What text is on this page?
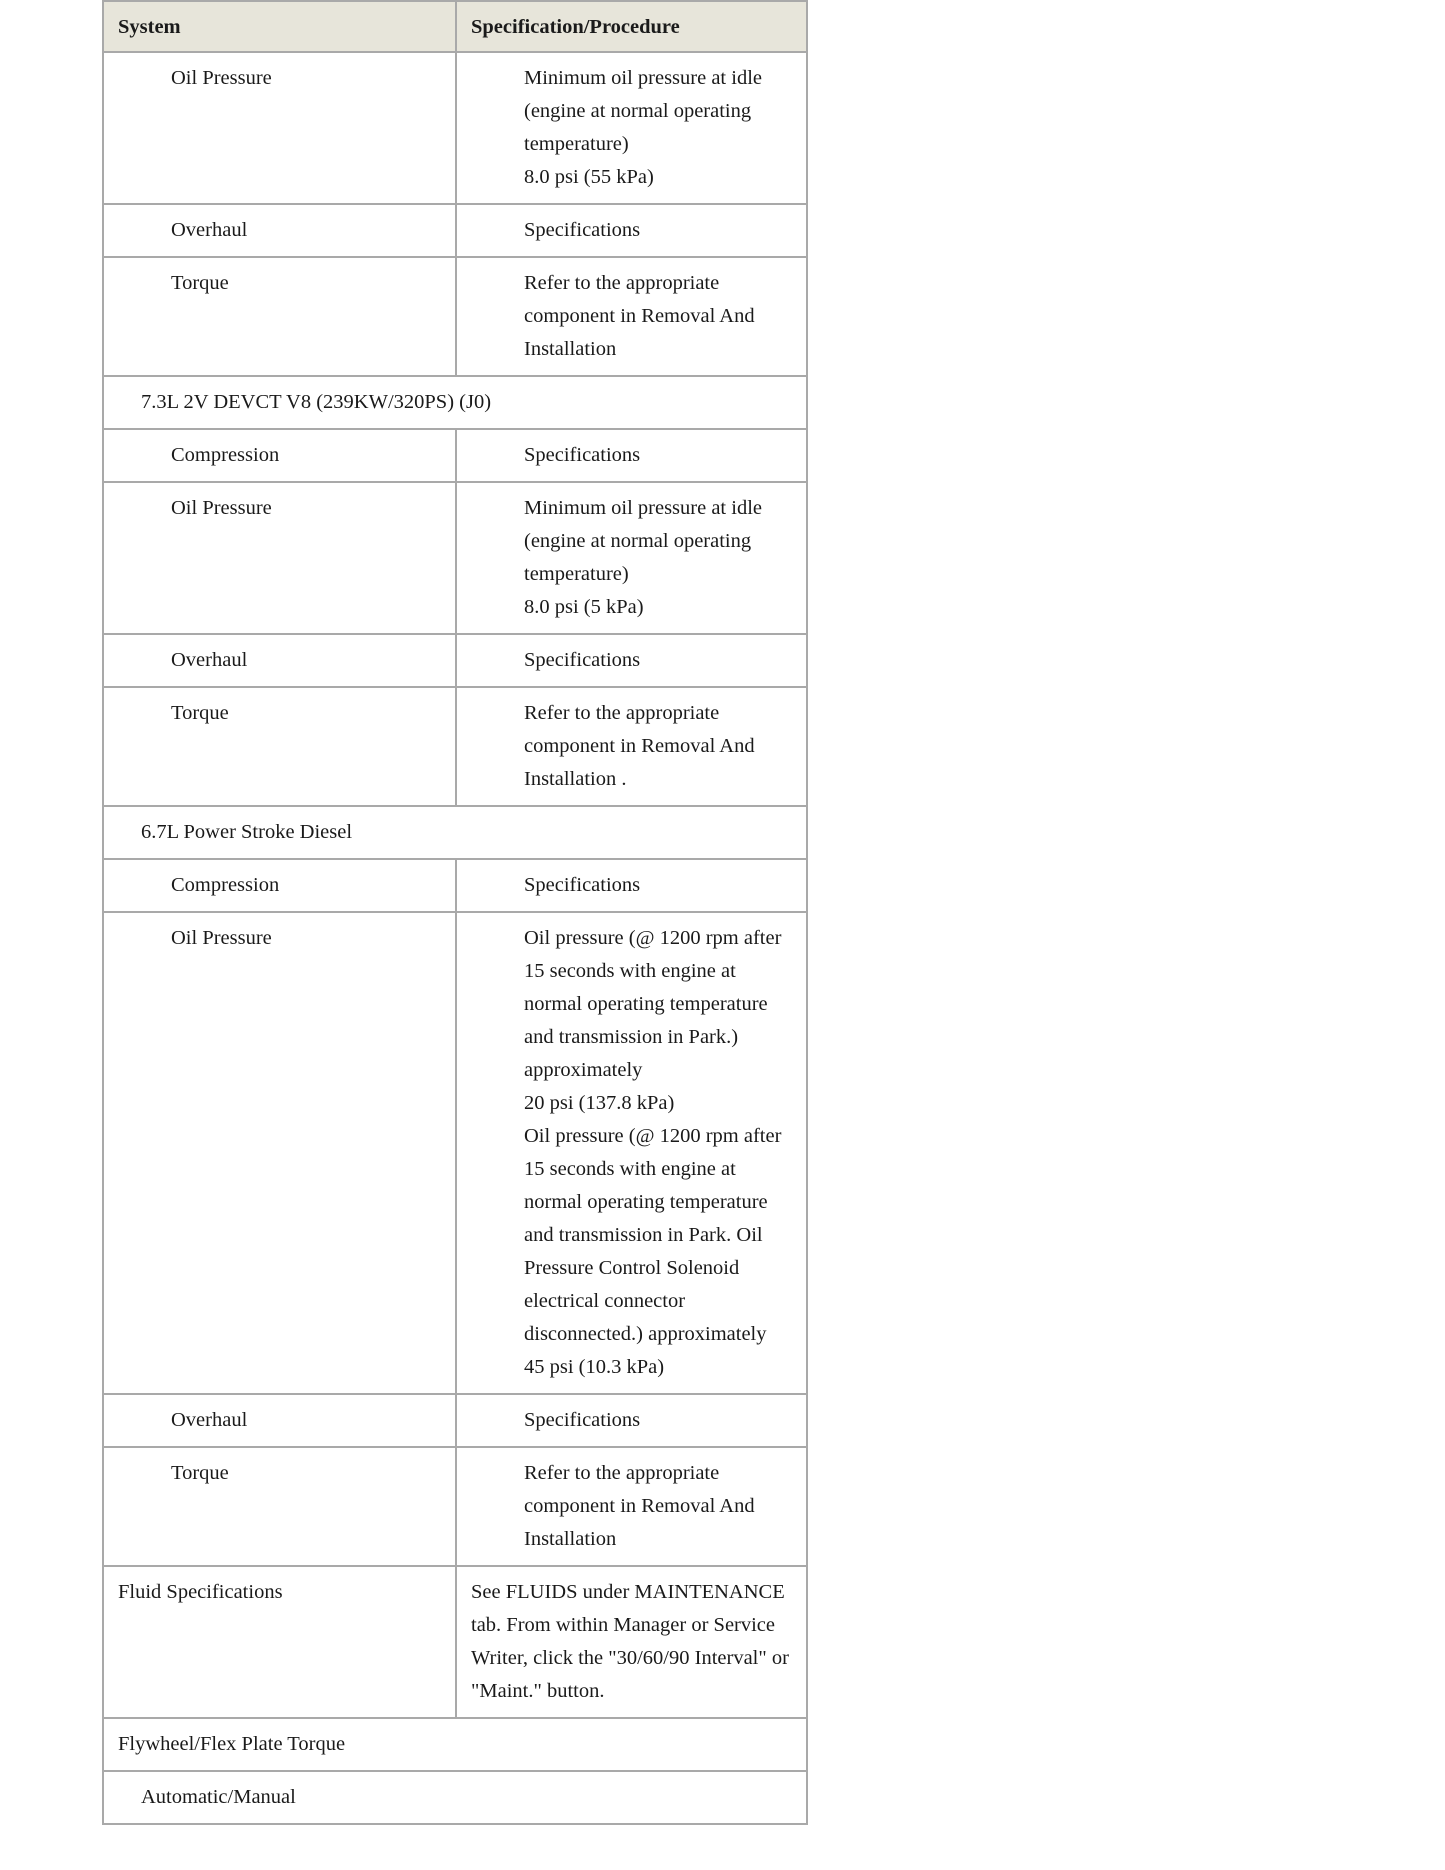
System	Specification/Procedure
Oil Pressure	Minimum oil pressure at idle (engine at normal operating temperature)
8.0 psi (55 kPa)

Overhaul	Specifications

Torque	Refer to the appropriate component in Removal And Installation

7.3L 2V DEVCT V8 (239KW/320PS) (J0)	
Compression	Specifications

Oil Pressure	Minimum oil pressure at idle (engine at normal operating temperature)
8.0 psi (5 kPa)

Overhaul	Specifications

Torque	Refer to the appropriate component in Removal And Installation .

6.7L Power Stroke Diesel	
Compression	Specifications

Oil Pressure	Oil pressure (@ 1200 rpm after 15 seconds with engine at normal operating temperature and transmission in Park.) approximately
20 psi (137.8 kPa)
Oil pressure (@ 1200 rpm after 15 seconds with engine at normal operating temperature and transmission in Park. Oil Pressure Control Solenoid electrical connector disconnected.) approximately
45 psi (10.3 kPa)

Overhaul	Specifications

Torque	Refer to the appropriate component in Removal And Installation

Fluid Specifications	See FLUIDS under MAINTENANCE tab. From within Manager or Service Writer, click the "30/60/90 Interval" or "Maint." button.

Flywheel/Flex Plate Torque	
Automatic/Manual	
